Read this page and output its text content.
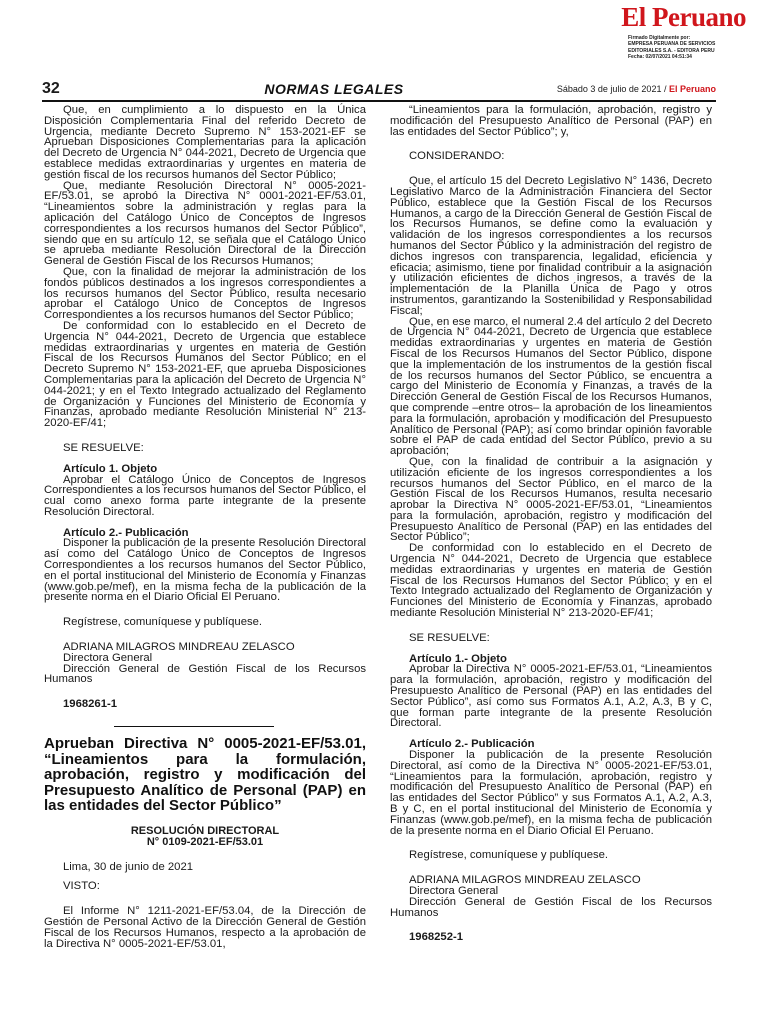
El Peruano
Firmado Digitalmente por:
EMPRESA PERUANA DE SERVICIOS
EDITORIALES S.A. - EDITORA PERU
Fecha: 02/07/2021 04:51:34
32	NORMAS LEGALES	Sábado 3 de julio de 2021 / El Peruano

Que, en cumplimiento a lo dispuesto en la Única Disposición Complementaria Final del referido Decreto de Urgencia, mediante Decreto Supremo N° 153-2021-EF se Aprueban Disposiciones Complementarias para la aplicación del Decreto de Urgencia N° 044-2021, Decreto de Urgencia que establece medidas extraordinarias y urgentes en materia de gestión fiscal de los recursos humanos del Sector Público;

Que, mediante Resolución Directoral N° 0005-2021-EF/53.01, se aprobó la Directiva N° 0001-2021-EF/53.01, “Lineamientos sobre la administración y reglas para la aplicación del Catálogo Único de Conceptos de Ingresos correspondientes a los recursos humanos del Sector Público”, siendo que en su artículo 12, se señala que el Catálogo Único se aprueba mediante Resolución Directoral de la Dirección General de Gestión Fiscal de los Recursos Humanos;

Que, con la finalidad de mejorar la administración de los fondos públicos destinados a los ingresos correspondientes a los recursos humanos del Sector Público, resulta necesario aprobar el Catálogo Único de Conceptos de Ingresos Correspondientes a los recursos humanos del Sector Público;

De conformidad con lo establecido en el Decreto de Urgencia N° 044-2021, Decreto de Urgencia que establece medidas extraordinarias y urgentes en materia de Gestión Fiscal de los Recursos Humanos del Sector Público; en el Decreto Supremo N° 153-2021-EF, que aprueba Disposiciones Complementarias para la aplicación del Decreto de Urgencia N° 044-2021; y en el Texto Integrado actualizado del Reglamento de Organización y Funciones del Ministerio de Economía y Finanzas, aprobado mediante Resolución Ministerial N° 213-2020-EF/41;

SE RESUELVE:

Artículo 1. Objeto

Aprobar el Catálogo Único de Conceptos de Ingresos Correspondientes a los recursos humanos del Sector Público, el cual como anexo forma parte integrante de la presente Resolución Directoral.

Artículo 2.- Publicación

Disponer la publicación de la presente Resolución Directoral así como del Catálogo Único de Conceptos de Ingresos Correspondientes a los recursos humanos del Sector Público, en el portal institucional del Ministerio de Economía y Finanzas (www.gob.pe/mef), en la misma fecha de la publicación de la presente norma en el Diario Oficial El Peruano.

Regístrese, comuníquese y publíquese.

ADRIANA MILAGROS MINDREAU ZELASCO

Directora General

Dirección General de Gestión Fiscal de los Recursos Humanos

1968261-1

Aprueban Directiva N° 0005-2021-EF/53.01, “Lineamientos para la formulación, aprobación, registro y modificación del Presupuesto Analítico de Personal (PAP) en las entidades del Sector Público”
RESOLUCIÓN DIRECTORAL
N° 0109-2021-EF/53.01

Lima, 30 de junio de 2021

VISTO:

El Informe N° 1211-2021-EF/53.04, de la Dirección de Gestión de Personal Activo de la Dirección General de Gestión Fiscal de los Recursos Humanos, respecto a la aprobación de la Directiva N° 0005-2021-EF/53.01,

“Lineamientos para la formulación, aprobación, registro y modificación del Presupuesto Analítico de Personal (PAP) en las entidades del Sector Público”; y,

CONSIDERANDO:

Que, el artículo 15 del Decreto Legislativo N° 1436, Decreto Legislativo Marco de la Administración Financiera del Sector Público, establece que la Gestión Fiscal de los Recursos Humanos, a cargo de la Dirección General de Gestión Fiscal de los Recursos Humanos, se define como la evaluación y validación de los ingresos correspondientes a los recursos humanos del Sector Público y la administración del registro de dichos ingresos con transparencia, legalidad, eficiencia y eficacia; asimismo, tiene por finalidad contribuir a la asignación y utilización eficientes de dichos ingresos, a través de la implementación de la Planilla Única de Pago y otros instrumentos, garantizando la Sostenibilidad y Responsabilidad Fiscal;

Que, en ese marco, el numeral 2.4 del artículo 2 del Decreto de Urgencia N° 044-2021, Decreto de Urgencia que establece medidas extraordinarias y urgentes en materia de Gestión Fiscal de los Recursos Humanos del Sector Público, dispone que la implementación de los instrumentos de la gestión fiscal de los recursos humanos del Sector Público, se encuentra a cargo del Ministerio de Economía y Finanzas, a través de la Dirección General de Gestión Fiscal de los Recursos Humanos, que comprende –entre otros– la aprobación de los lineamientos para la formulación, aprobación y modificación del Presupuesto Analítico de Personal (PAP); así como brindar opinión favorable sobre el PAP de cada entidad del Sector Público, previo a su aprobación;

Que, con la finalidad de contribuir a la asignación y utilización eficiente de los ingresos correspondientes a los recursos humanos del Sector Público, en el marco de la Gestión Fiscal de los Recursos Humanos, resulta necesario aprobar la Directiva N° 0005-2021-EF/53.01, “Lineamientos para la formulación, aprobación, registro y modificación del Presupuesto Analítico de Personal (PAP) en las entidades del Sector Público”;

De conformidad con lo establecido en el Decreto de Urgencia N° 044-2021, Decreto de Urgencia que establece medidas extraordinarias y urgentes en materia de Gestión Fiscal de los Recursos Humanos del Sector Público; y en el Texto Integrado actualizado del Reglamento de Organización y Funciones del Ministerio de Economía y Finanzas, aprobado mediante Resolución Ministerial N° 213-2020-EF/41;

SE RESUELVE:

Artículo 1.- Objeto

Aprobar la Directiva N° 0005-2021-EF/53.01, “Lineamientos para la formulación, aprobación, registro y modificación del Presupuesto Analítico de Personal (PAP) en las entidades del Sector Público”, así como sus Formatos A.1, A.2, A.3, B y C, que forman parte integrante de la presente Resolución Directoral.

Artículo 2.- Publicación

Disponer la publicación de la presente Resolución Directoral, así como de la Directiva N° 0005-2021-EF/53.01, “Lineamientos para la formulación, aprobación, registro y modificación del Presupuesto Analítico de Personal (PAP) en las entidades del Sector Público” y sus Formatos A.1, A.2, A.3, B y C, en el portal institucional del Ministerio de Economía y Finanzas (www.gob.pe/mef), en la misma fecha de publicación de la presente norma en el Diario Oficial El Peruano.

Regístrese, comuníquese y publíquese.

ADRIANA MILAGROS MINDREAU ZELASCO

Directora General

Dirección General de Gestión Fiscal de los Recursos Humanos

1968252-1
